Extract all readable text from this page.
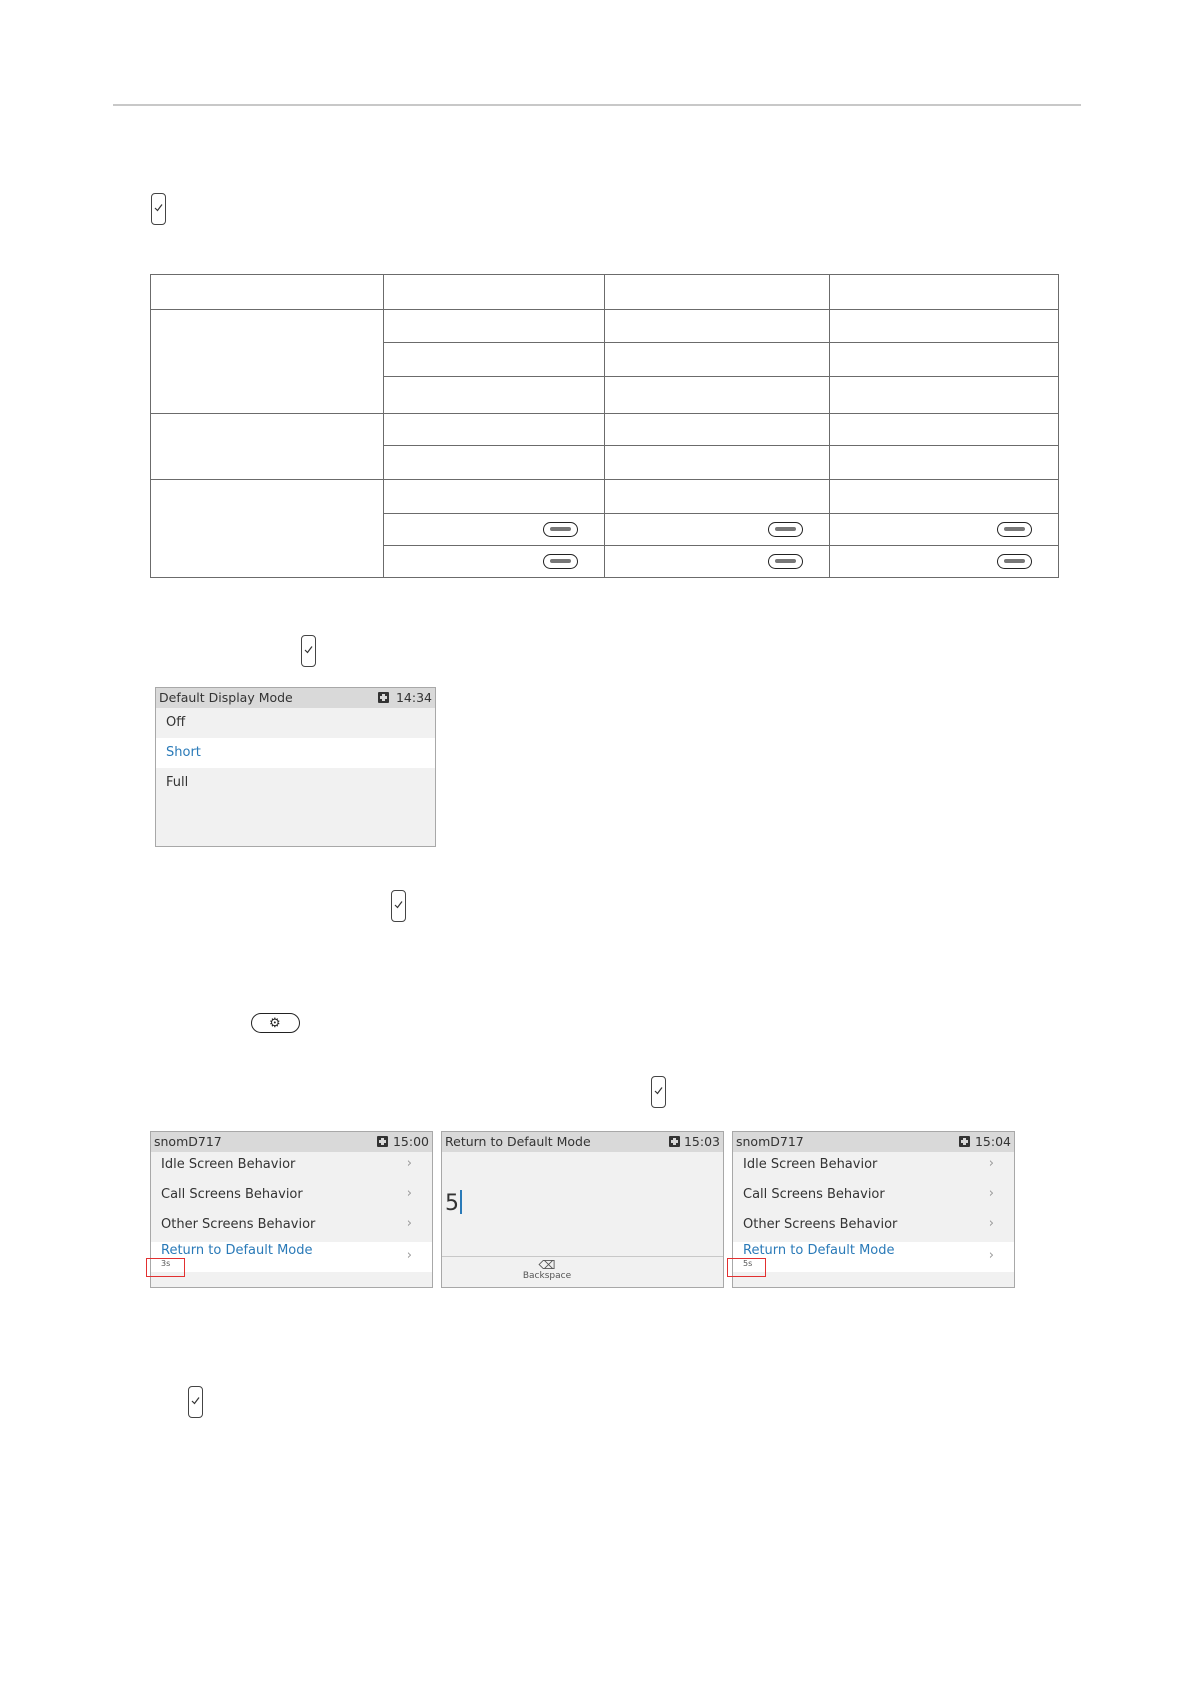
Default Display Mode	14:34
Off
Short
Full
⚙
snomD717	15:00
Idle Screen Behavior	›
Call Screens Behavior	›
Other Screens Behavior	›
Return to Default Mode
3s
›
Return to Default Mode	15:03
5
⌫
Backspace
snomD717	15:04
Idle Screen Behavior	›
Call Screens Behavior	›
Other Screens Behavior	›
Return to Default Mode
5s
›
